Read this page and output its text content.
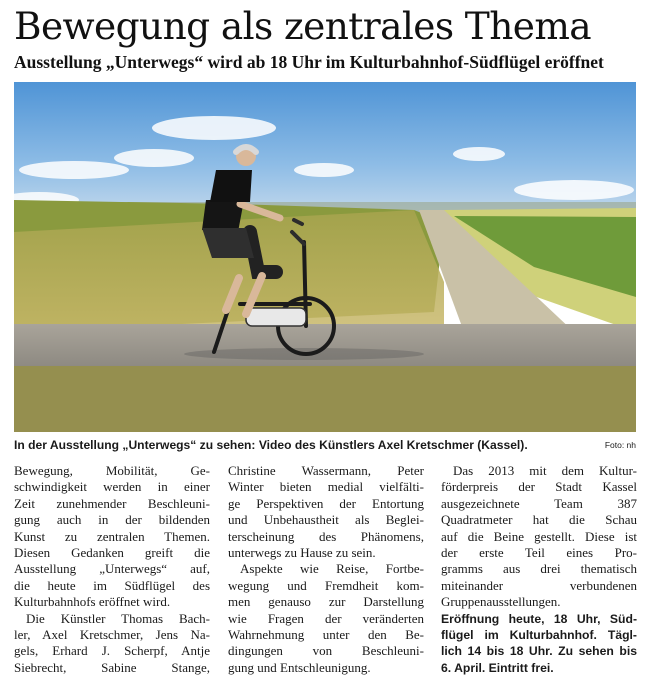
Bewegung als zentrales Thema
Ausstellung „Unterwegs“ wird ab 18 Uhr im Kulturbahnhof-Südflügel eröffnet
In der Ausstellung „Unterwegs“ zu sehen: Video des Künstlers Axel Kretschmer (Kassel).	Foto: nh
Bewegung, Mobilität, Ge-
schwindigkeit werden in einer
Zeit zunehmender Beschleuni-
gung auch in der bildenden
Kunst zu zentralen Themen.
Diesen Gedanken greift die
Ausstellung „Unterwegs“ auf,
die heute im Südflügel des
Kulturbahnhofs eröffnet wird.
Die Künstler Thomas Bach-
ler, Axel Kretschmer, Jens Na-
gels, Erhard J. Scherpf, Antje
Siebrecht, Sabine Stange,
Christine Wassermann, Peter
Winter bieten medial vielfälti-
ge Perspektiven der Entortung
und Unbehaustheit als Beglei-
terscheinung des Phänomens,
unterwegs zu Hause zu sein.
Aspekte wie Reise, Fortbe-
wegung und Fremdheit kom-
men genauso zur Darstellung
wie Fragen der veränderten
Wahrnehmung unter den Be-
dingungen von Beschleuni-
gung und Entschleunigung.
Das 2013 mit dem Kultur-
förderpreis der Stadt Kassel
ausgezeichnete Team 387
Quadratmeter hat die Schau
auf die Beine gestellt. Diese ist
der erste Teil eines Pro-
gramms aus drei thematisch
miteinander verbundenen
Gruppenausstellungen.
Eröffnung heute, 18 Uhr, Süd-
flügel im Kulturbahnhof. Tägl-
lich 14 bis 18 Uhr. Zu sehen bis
6. April. Eintritt frei.
